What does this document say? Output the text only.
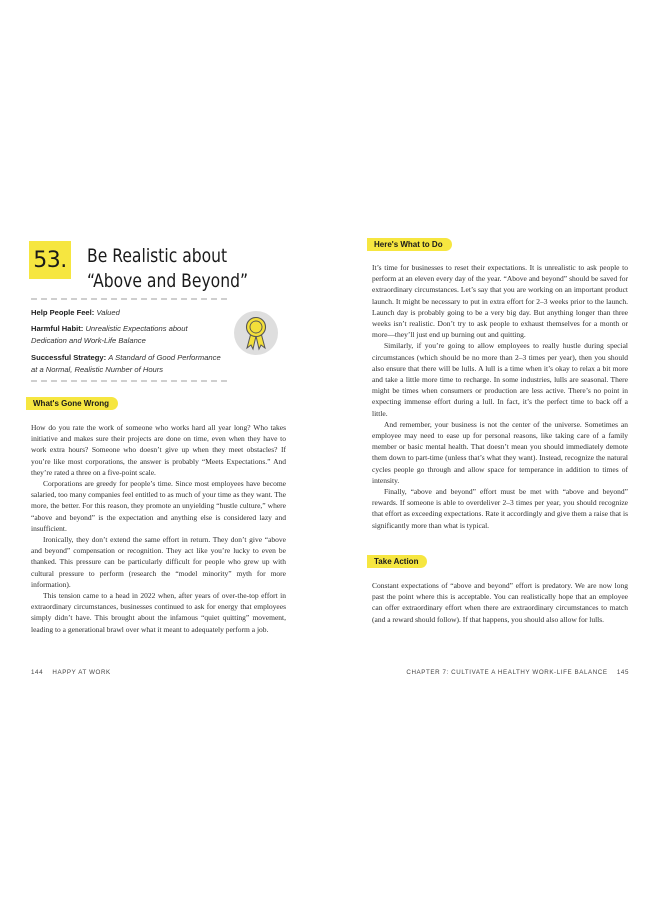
53. Be Realistic about “Above and Beyond”
Help People Feel: Valued
Harmful Habit: Unrealistic Expectations about Dedication and Work-Life Balance
Successful Strategy: A Standard of Good Performance at a Normal, Realistic Number of Hours
What's Gone Wrong

How do you rate the work of someone who works hard all year long? Who takes initiative and makes sure their projects are done on time, even when they have to work extra hours? Someone who doesn’t give up when they meet obstacles? If you’re like most corporations, the answer is probably “Meets Expectations.” And they’re rated a three on a five-point scale.

Corporations are greedy for people’s time. Since most employees have become salaried, too many companies feel entitled to as much of your time as they want. The more, the better. For this reason, they promote an unyielding “hustle culture,” where “above and beyond” is the expectation and anything else is considered lazy and insufficient.

Ironically, they don’t extend the same effort in return. They don’t give “above and beyond” compensation or recognition. They act like you’re lucky to even be thanked. This pressure can be particularly difficult for people who grew up with cultural pressure to perform (research the “model minority” myth for more information).

This tension came to a head in 2022 when, after years of over-the-top effort in extraordinary circumstances, businesses continued to ask for energy that employees simply didn’t have. This brought about the infamous “quiet quitting” movement, leading to a generational brawl over what it meant to adequately perform a job.

144 HAPPY AT WORK
Here's What to Do

It’s time for businesses to reset their expectations. It is unrealistic to ask people to perform at an eleven every day of the year. “Above and beyond” should be saved for extraordinary circumstances. Let’s say that you are working on an important product launch. It might be necessary to put in extra effort for 2–3 weeks prior to the launch. Launch day is probably going to be a very big day. But anything longer than three weeks isn’t realistic. Don’t try to ask people to exhaust themselves for a month or more—they’ll just end up burning out and quitting.

Similarly, if you’re going to allow employees to really hustle during special circumstances (which should be no more than 2–3 times per year), then you should also ensure that there will be lulls. A lull is a time when it’s okay to relax a bit more and take a little more time to recharge. In some industries, lulls are seasonal. There might be times when consumers or production are less active. There’s no point in expecting immense effort during a lull. In fact, it’s the perfect time to back off a little.

And remember, your business is not the center of the universe. Sometimes an employee may need to ease up for personal reasons, like taking care of a family member or basic mental health. That doesn’t mean you should immediately demote them down to part-time (unless that’s what they want). Instead, recognize the natural cycles people go through and allow space for temperance in addition to times of intensity.

Finally, “above and beyond” effort must be met with “above and beyond” rewards. If someone is able to overdeliver 2–3 times per year, you should recognize that effort as exceeding expectations. Rate it accordingly and give them a raise that is significantly more than what is typical.

Take Action

Constant expectations of “above and beyond” effort is predatory. We are now long past the point where this is acceptable. You can realistically hope that an employee can offer extraordinary effort when there are extraordinary circumstances to match (and a reward should follow). If that happens, you should also allow for lulls.

CHAPTER 7: CULTIVATE A HEALTHY WORK-LIFE BALANCE 145
